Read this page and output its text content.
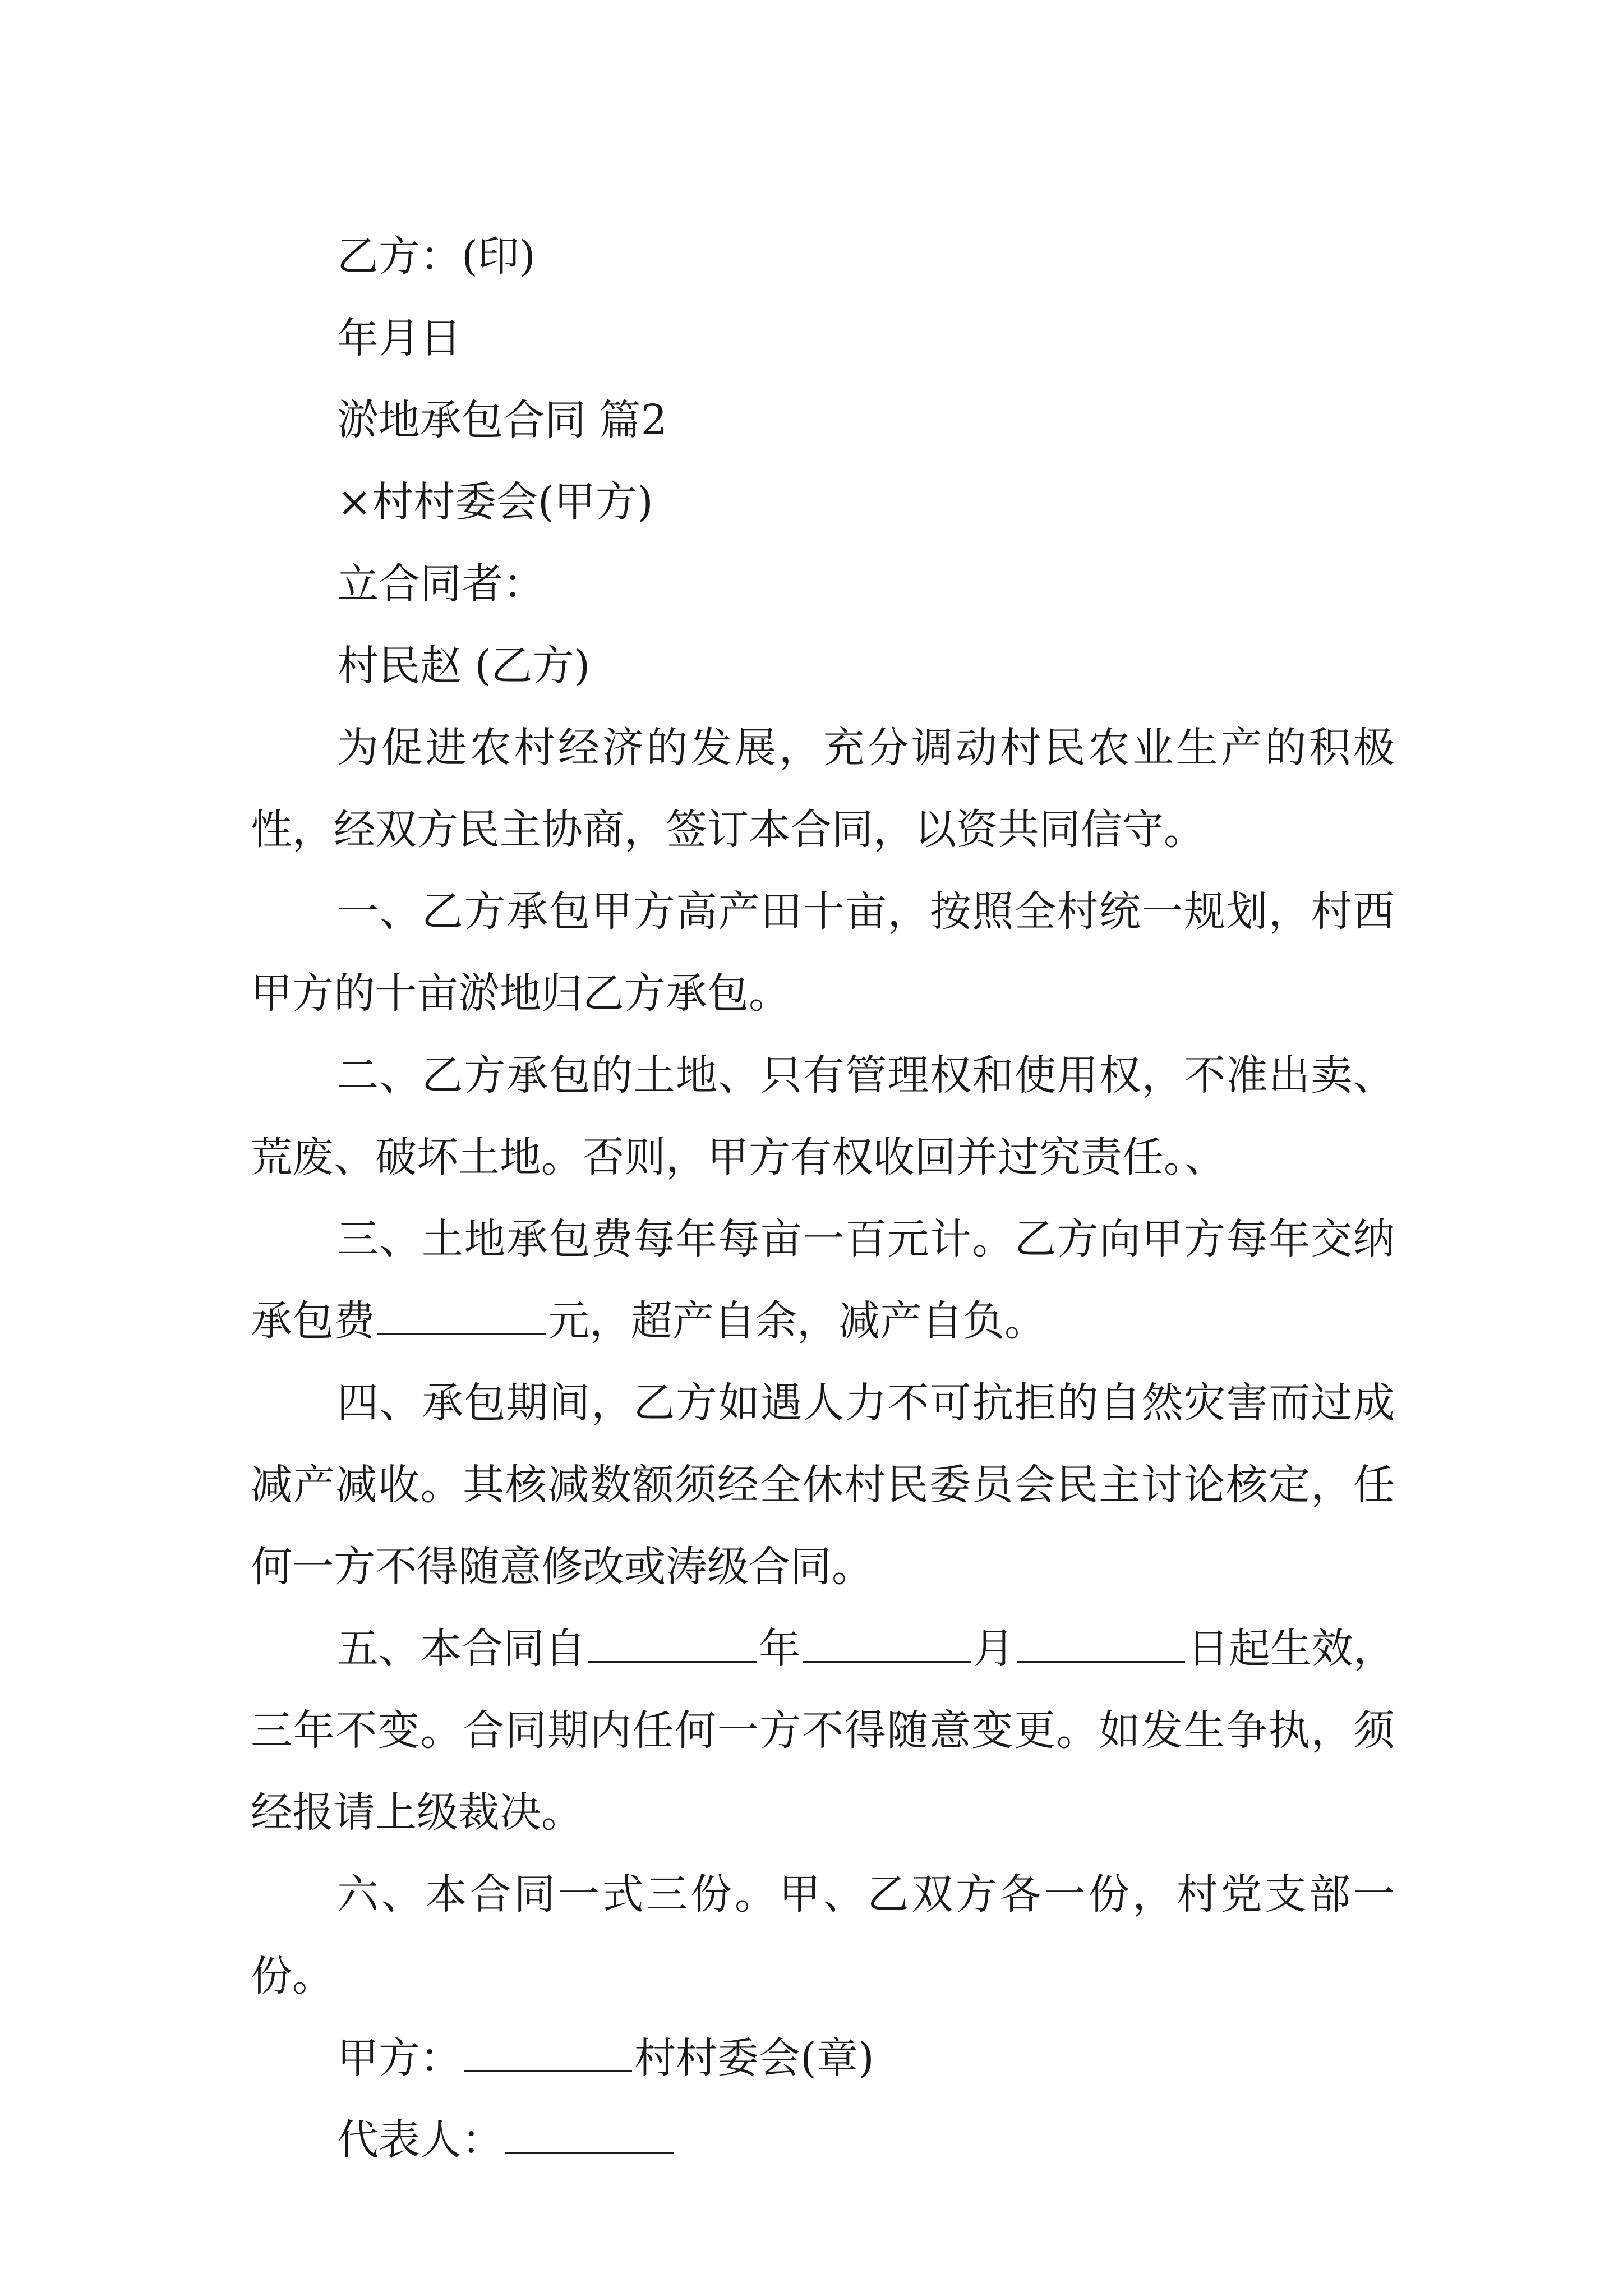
乙方：(印)
年月日
淤地承包合同 篇2
×村村委会(甲方)
立合同者：
村民赵 (乙方)

为促进农村经济的发展，充分调动村民农业生产的积极性，经双方民主协商，签订本合同，以资共同信守。

一、乙方承包甲方高产田十亩，按照全村统一规划，村西甲方的十亩淤地归乙方承包。

二、乙方承包的土地、只有管理权和使用权，不准出卖、荒废、破坏土地。否则，甲方有权收回并过究责任。、

三、土地承包费每年每亩一百元计。乙方向甲方每年交纳承包费	元，超产自余，减产自负。

四、承包期间，乙方如遇人力不可抗拒的自然灾害而过成减产减收。其核减数额须经全休村民委员会民主讨论核定，任何一方不得随意修改或涛级合同。

五、本合同自	年	月	日起生效，三年不变。合同期内任何一方不得随意变更。如发生争执，须经报请上级裁决。

六、本合同一式三份。甲、乙双方各一份，村党支部一份。

甲方：	村村委会(章)
代表人：
